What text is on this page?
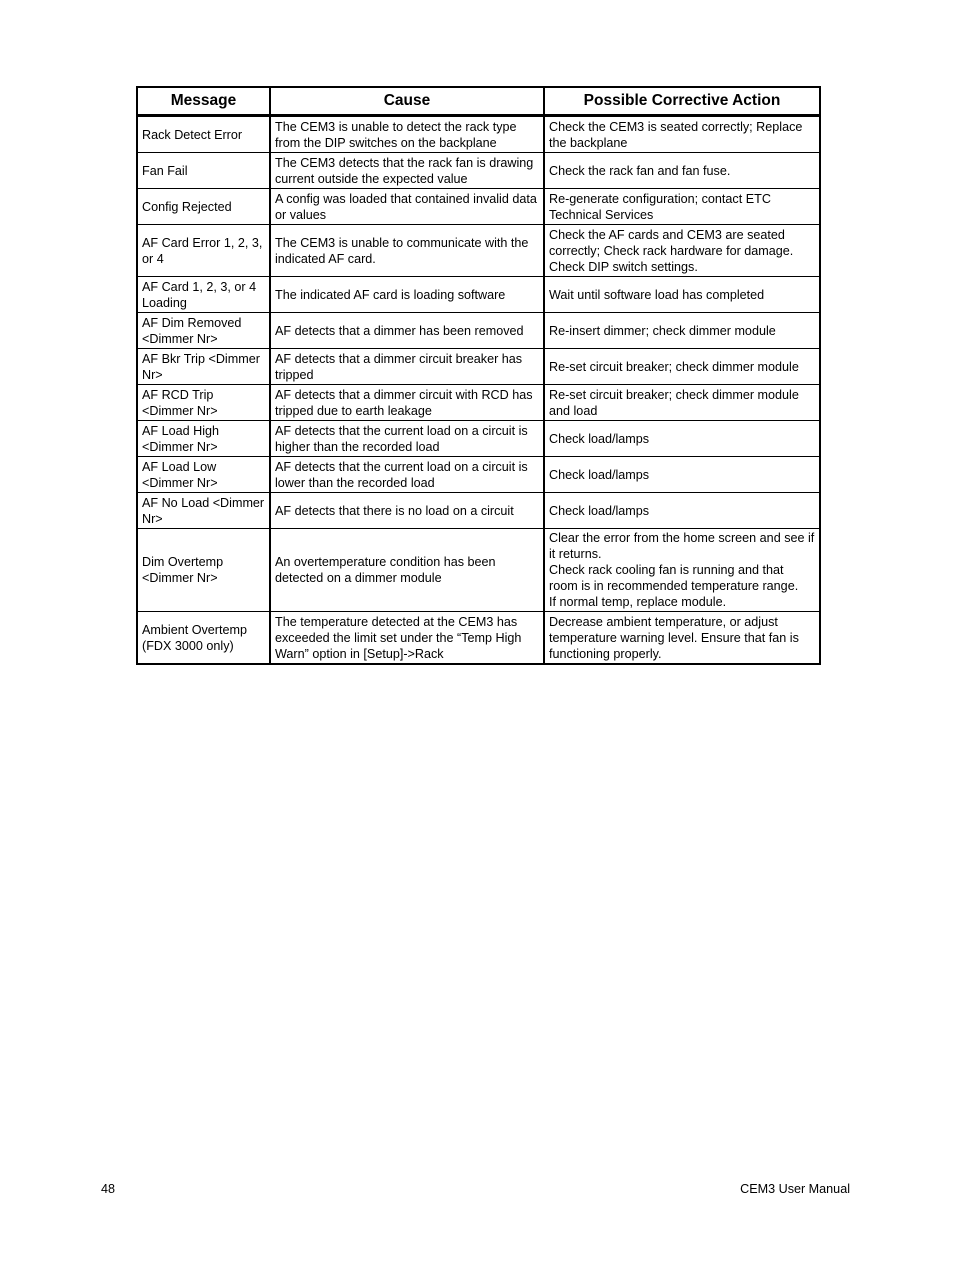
Message	Cause	Possible Corrective Action
Rack Detect Error	The CEM3 is unable to detect the rack type from the DIP switches on the backplane	Check the CEM3 is seated correctly; Replace the backplane
Fan Fail	The CEM3 detects that the rack fan is drawing current outside the expected value	Check the rack fan and fan fuse.
Config Rejected	A config was loaded that contained invalid data or values	Re-generate configuration; contact ETC Technical Services
AF Card Error 1, 2, 3, or 4	The CEM3 is unable to communicate with the indicated AF card.	Check the AF cards and CEM3 are seated correctly; Check rack hardware for damage. Check DIP switch settings.
AF Card 1, 2, 3, or 4 Loading	The indicated AF card is loading software	Wait until software load has completed
AF Dim Removed <Dimmer Nr>	AF detects that a dimmer has been removed	Re-insert dimmer; check dimmer module
AF Bkr Trip <Dimmer Nr>	AF detects that a dimmer circuit breaker has tripped	Re-set circuit breaker; check dimmer module
AF RCD Trip <Dimmer Nr>	AF detects that a dimmer circuit with RCD has tripped due to earth leakage	Re-set circuit breaker; check dimmer module and load
AF Load High <Dimmer Nr>	AF detects that the current load on a circuit is higher than the recorded load	Check load/lamps
AF Load Low <Dimmer Nr>	AF detects that the current load on a circuit is lower than the recorded load	Check load/lamps
AF No Load <Dimmer Nr>	AF detects that there is no load on a circuit	Check load/lamps
Dim Overtemp <Dimmer Nr>	An overtemperature condition has been detected on a dimmer module	Clear the error from the home screen and see if it returns.
Check rack cooling fan is running and that room is in recommended temperature range.
If normal temp, replace module.

Ambient Overtemp (FDX 3000 only)	The temperature detected at the CEM3 has exceeded the limit set under the “Temp High Warn” option in [Setup]->Rack	Decrease ambient temperature, or adjust temperature warning level. Ensure that fan is functioning properly.
48	CEM3 User Manual
